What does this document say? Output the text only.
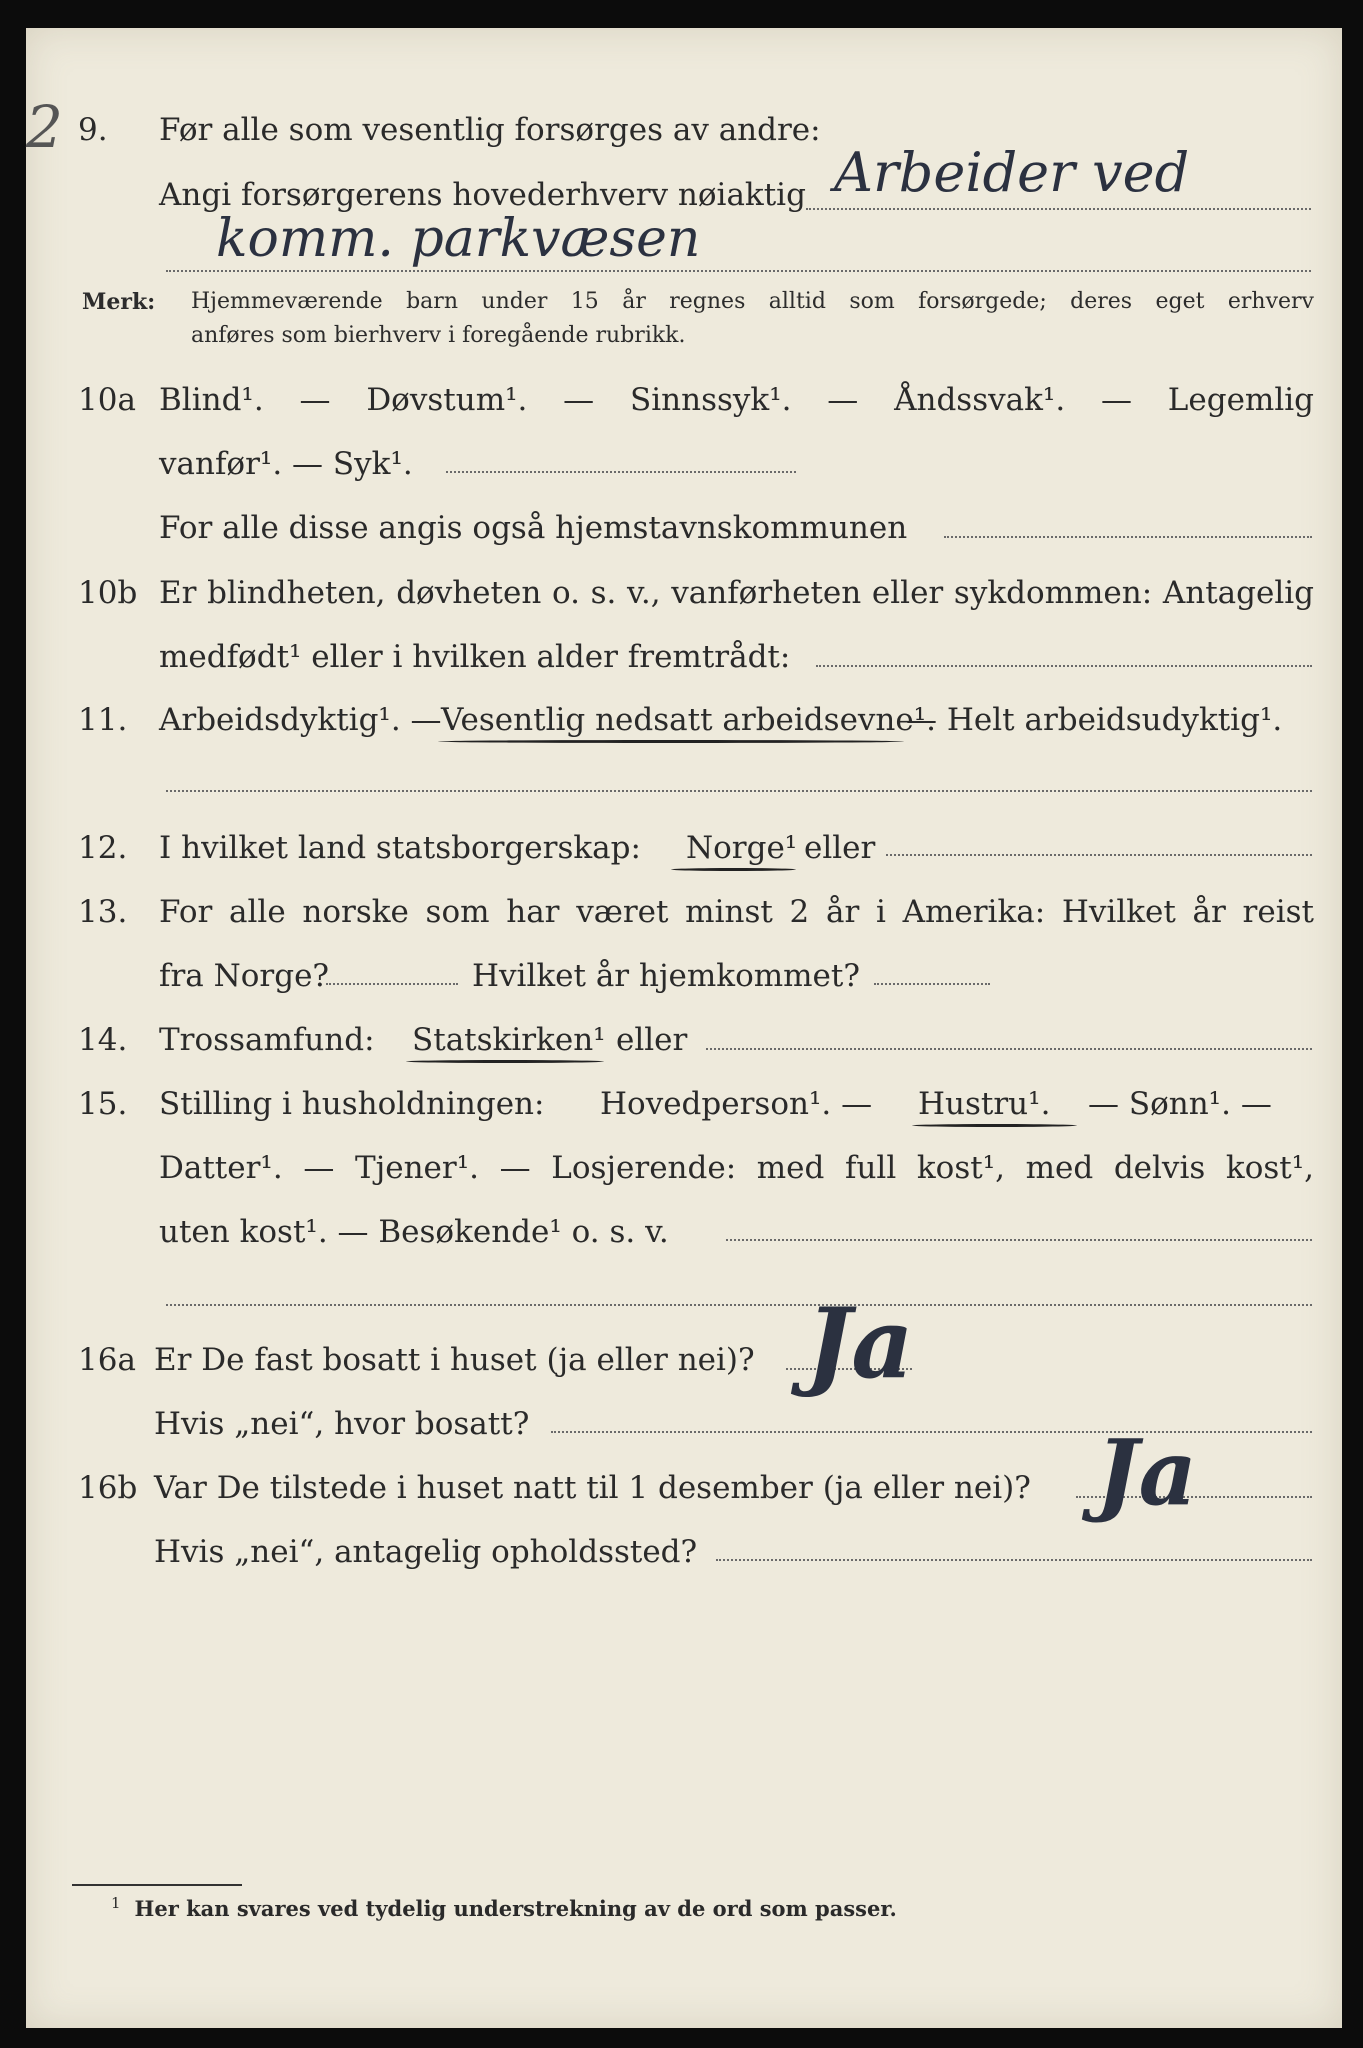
2 9. Før alle som vesentlig forsørges av andre:
Angi forsørgerens hovederhverv nøiaktig Arbeider ved
komm. parkvæsen
Merk: Hjemmeværende barn under 15 år regnes alltid som forsørgede; deres eget erhverv
anføres som bierhverv i foregående rubrikk.
10a Blind¹. — Døvstum¹. — Sinnssyk¹. — Åndssvak¹. — Legemlig
vanfør¹. — Syk¹.
For alle disse angis også hjemstavnskommunen
10b Er blindheten, døvheten o. s. v., vanførheten eller sykdommen: Antagelig
medfødt¹ eller i hvilken alder fremtrådt:
11. Arbeidsdyktig¹. — Vesentlig nedsatt arbeidsevne¹.
— Helt arbeidsudyktig¹.
12. I hvilket land statsborgerskap: Norge¹ eller
13. For alle norske som har været minst 2 år i Amerika: Hvilket år reist
fra Norge?	Hvilket år hjemkommet?
14. Trossamfund: Statskirken¹ eller
15. Stilling i husholdningen: Hovedperson¹. — Hustru¹. — Sønn¹. —
Datter¹. — Tjener¹. — Losjerende: med full kost¹, med delvis kost¹,
uten kost¹. — Besøkende¹ o. s. v.
16a Er De fast bosatt i huset (ja eller nei)? Ja
Hvis „nei“, hvor bosatt?
16b Var De tilstede i huset natt til 1 desember (ja eller nei)? Ja
Hvis „nei“, antagelig opholdssted?
$^1$ Her kan svares ved tydelig understrekning av de ord som passer.
